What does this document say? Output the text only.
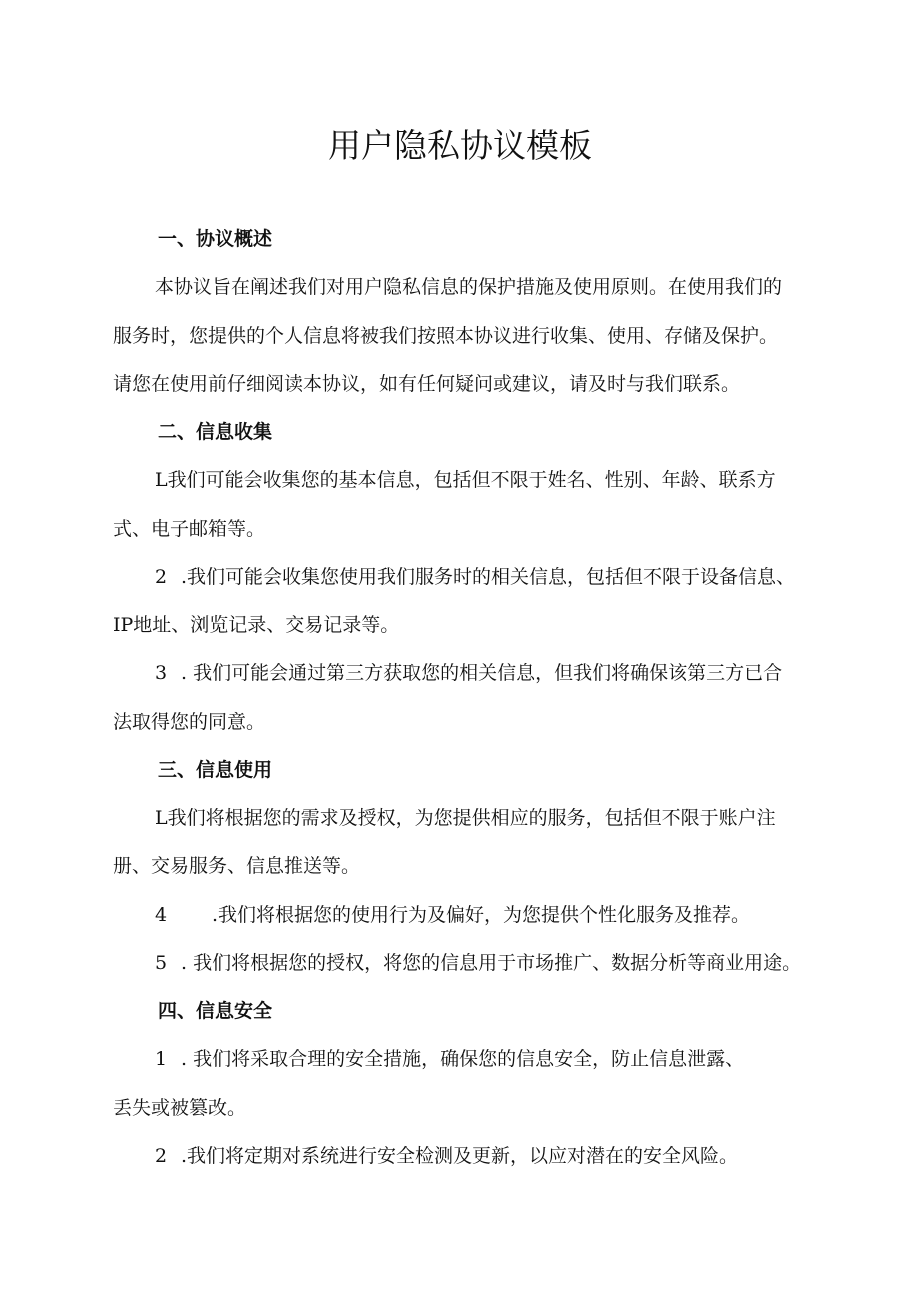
用户隐私协议模板
一、协议概述
本协议旨在阐述我们对用户隐私信息的保护措施及使用原则。在使用我们的
服务时，您提供的个人信息将被我们按照本协议进行收集、使用、存储及保护。
请您在使用前仔细阅读本协议，如有任何疑问或建议，请及时与我们联系。
二、信息收集
L我们可能会收集您的基本信息，包括但不限于姓名、性别、年龄、联系方
式、电子邮箱等。
2 .我们可能会收集您使用我们服务时的相关信息，包括但不限于设备信息、
IP地址、浏览记录、交易记录等。
3 . 我们可能会通过第三方获取您的相关信息，但我们将确保该第三方已合
法取得您的同意。
三、信息使用
L我们将根据您的需求及授权，为您提供相应的服务，包括但不限于账户注
册、交易服务、信息推送等。
4 .我们将根据您的使用行为及偏好，为您提供个性化服务及推荐。
5 . 我们将根据您的授权，将您的信息用于市场推广、数据分析等商业用途。
四、信息安全
1 . 我们将采取合理的安全措施，确保您的信息安全，防止信息泄露、
丢失或被篡改。
2 .我们将定期对系统进行安全检测及更新，以应对潜在的安全风险。
